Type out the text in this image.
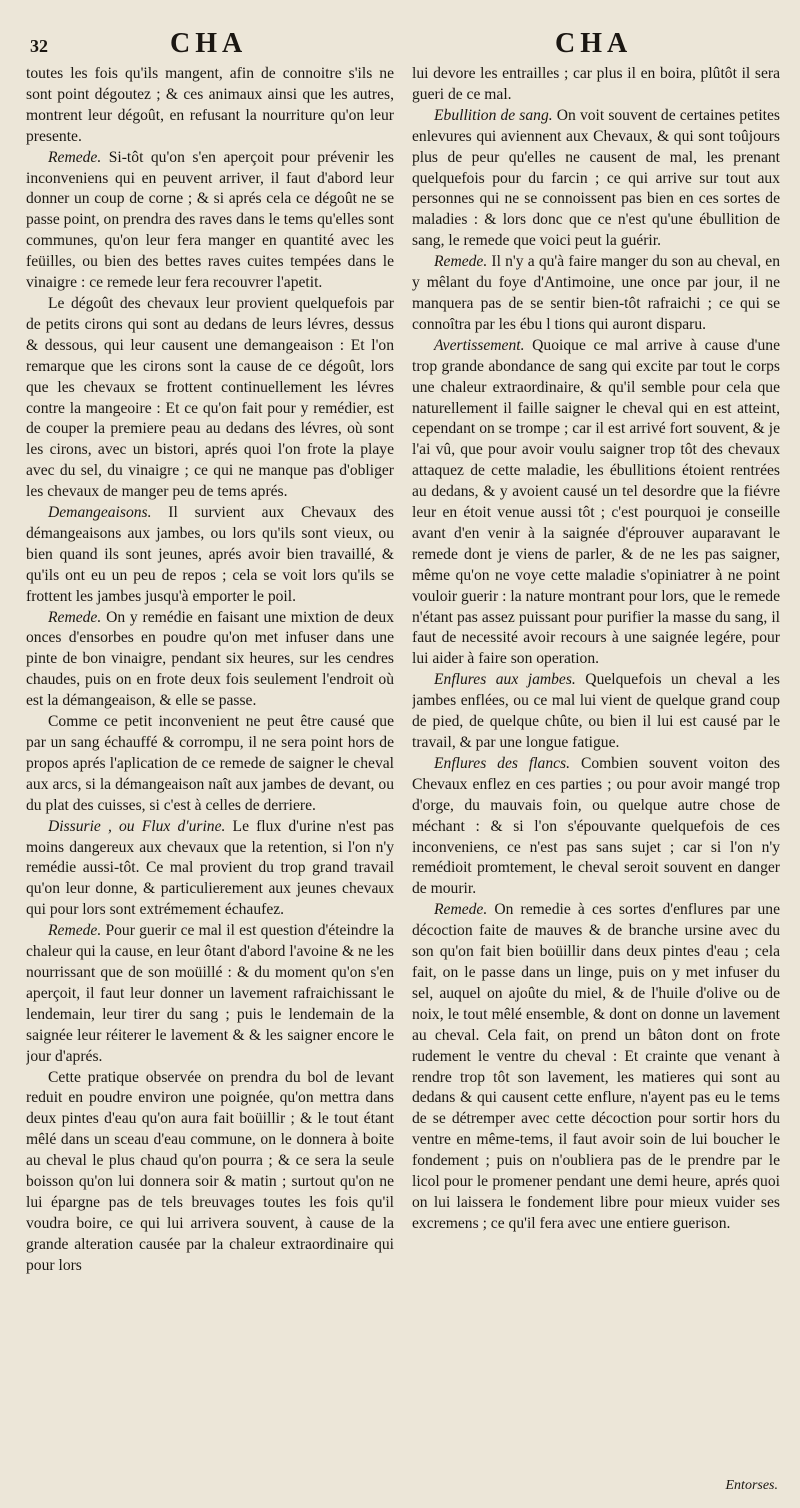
32	CHA	CHA

toutes les fois qu'ils mangent, afin de connoitre s'ils ne sont point dégoutez ; & ces animaux ainsi que les autres, montrent leur dégoût, en refusant la nourriture qu'on leur presente.

Remede. Si-tôt qu'on s'en aperçoit pour prévenir les inconveniens qui en peuvent arriver, il faut d'abord leur donner un coup de corne ; & si aprés cela ce dégoût ne se passe point, on prendra des raves dans le tems qu'elles sont communes, qu'on leur fera manger en quantité avec les feüilles, ou bien des bettes raves cuites tempées dans le vinaigre : ce remede leur fera recouvrer l'apetit.

Le dégoût des chevaux leur provient quelquefois par de petits cirons qui sont au dedans de leurs lévres, dessus & dessous, qui leur causent une demangeaison : Et l'on remarque que les cirons sont la cause de ce dégoût, lors que les chevaux se frottent continuellement les lévres contre la mangeoire : Et ce qu'on fait pour y remédier, est de couper la premiere peau au dedans des lévres, où sont les cirons, avec un bistori, aprés quoi l'on frote la playe avec du sel, du vinaigre ; ce qui ne manque pas d'obliger les chevaux de manger peu de tems aprés.

Demangeaisons. Il survient aux Chevaux des démangeaisons aux jambes, ou lors qu'ils sont vieux, ou bien quand ils sont jeunes, aprés avoir bien travaillé, & qu'ils ont eu un peu de repos ; cela se voit lors qu'ils se frottent les jambes jusqu'à emporter le poil.

Remede. On y remédie en faisant une mixtion de deux onces d'ensorbes en poudre qu'on met infuser dans une pinte de bon vinaigre, pendant six heures, sur les cendres chaudes, puis on en frote deux fois seulement l'endroit où est la démangeaison, & elle se passe.

Comme ce petit inconvenient ne peut être causé que par un sang échauffé & corrompu, il ne sera point hors de propos aprés l'aplication de ce remede de saigner le cheval aux arcs, si la démangeaison naît aux jambes de devant, ou du plat des cuisses, si c'est à celles de derriere.

Dissurie , ou Flux d'urine. Le flux d'urine n'est pas moins dangereux aux chevaux que la retention, si l'on n'y remédie aussi-tôt. Ce mal provient du trop grand travail qu'on leur donne, & particulierement aux jeunes chevaux qui pour lors sont extrémement échaufez.

Remede. Pour guerir ce mal il est question d'éteindre la chaleur qui la cause, en leur ôtant d'abord l'avoine & ne les nourrissant que de son moüillé : & du moment qu'on s'en aperçoit, il faut leur donner un lavement rafraichissant le lendemain, leur tirer du sang ; puis le lendemain de la saignée leur réiterer le lavement & & les saigner encore le jour d'aprés.

Cette pratique observée on prendra du bol de levant reduit en poudre environ une poignée, qu'on mettra dans deux pintes d'eau qu'on aura fait boüillir ; & le tout étant mêlé dans un sceau d'eau commune, on le donnera à boite au cheval le plus chaud qu'on pourra ; & ce sera la seule boisson qu'on lui donnera soir & matin ; surtout qu'on ne lui épargne pas de tels breuvages toutes les fois qu'il voudra boire, ce qui lui arrivera souvent, à cause de la grande alteration causée par la chaleur extraordinaire qui pour lors

lui devore les entrailles ; car plus il en boira, plûtôt il sera gueri de ce mal.

Ebullition de sang. On voit souvent de certaines petites enlevures qui aviennent aux Chevaux, & qui sont toûjours plus de peur qu'elles ne causent de mal, les prenant quelquefois pour du farcin ; ce qui arrive sur tout aux personnes qui ne se connoissent pas bien en ces sortes de maladies : & lors donc que ce n'est qu'une ébullition de sang, le remede que voici peut la guérir.

Remede. Il n'y a qu'à faire manger du son au cheval, en y mêlant du foye d'Antimoine, une once par jour, il ne manquera pas de se sentir bien-tôt rafraichi ; ce qui se connoîtra par les ébu l tions qui auront disparu.

Avertissement. Quoique ce mal arrive à cause d'une trop grande abondance de sang qui excite par tout le corps une chaleur extraordinaire, & qu'il semble pour cela que naturellement il faille saigner le cheval qui en est atteint, cependant on se trompe ; car il est arrivé fort souvent, & je l'ai vû, que pour avoir voulu saigner trop tôt des chevaux attaquez de cette maladie, les ébullitions étoient rentrées au dedans, & y avoient causé un tel desordre que la fiévre leur en étoit venue aussi tôt ; c'est pourquoi je conseille avant d'en venir à la saignée d'éprouver auparavant le remede dont je viens de parler, & de ne les pas saigner, même qu'on ne voye cette maladie s'opiniatrer à ne point vouloir guerir : la nature montrant pour lors, que le remede n'étant pas assez puissant pour purifier la masse du sang, il faut de necessité avoir recours à une saignée legére, pour lui aider à faire son operation.

Enflures aux jambes. Quelquefois un cheval a les jambes enflées, ou ce mal lui vient de quelque grand coup de pied, de quelque chûte, ou bien il lui est causé par le travail, & par une longue fatigue.

Enflures des flancs. Combien souvent voiton des Chevaux enflez en ces parties ; ou pour avoir mangé trop d'orge, du mauvais foin, ou quelque autre chose de méchant : & si l'on s'épouvante quelquefois de ces inconveniens, ce n'est pas sans sujet ; car si l'on n'y remédioit promtement, le cheval seroit souvent en danger de mourir.

Remede. On remedie à ces sortes d'enflures par une décoction faite de mauves & de branche ursine avec du son qu'on fait bien boüillir dans deux pintes d'eau ; cela fait, on le passe dans un linge, puis on y met infuser du sel, auquel on ajoûte du miel, & de l'huile d'olive ou de noix, le tout mêlé ensemble, & dont on donne un lavement au cheval. Cela fait, on prend un bâton dont on frote rudement le ventre du cheval : Et crainte que venant à rendre trop tôt son lavement, les matieres qui sont au dedans & qui causent cette enflure, n'ayent pas eu le tems de se détremper avec cette décoction pour sortir hors du ventre en même-tems, il faut avoir soin de lui boucher le fondement ; puis on n'oubliera pas de le prendre par le licol pour le promener pendant une demi heure, aprés quoi on lui laissera le fondement libre pour mieux vuider ses excremens ; ce qu'il fera avec une entiere guerison.

Entorses.
